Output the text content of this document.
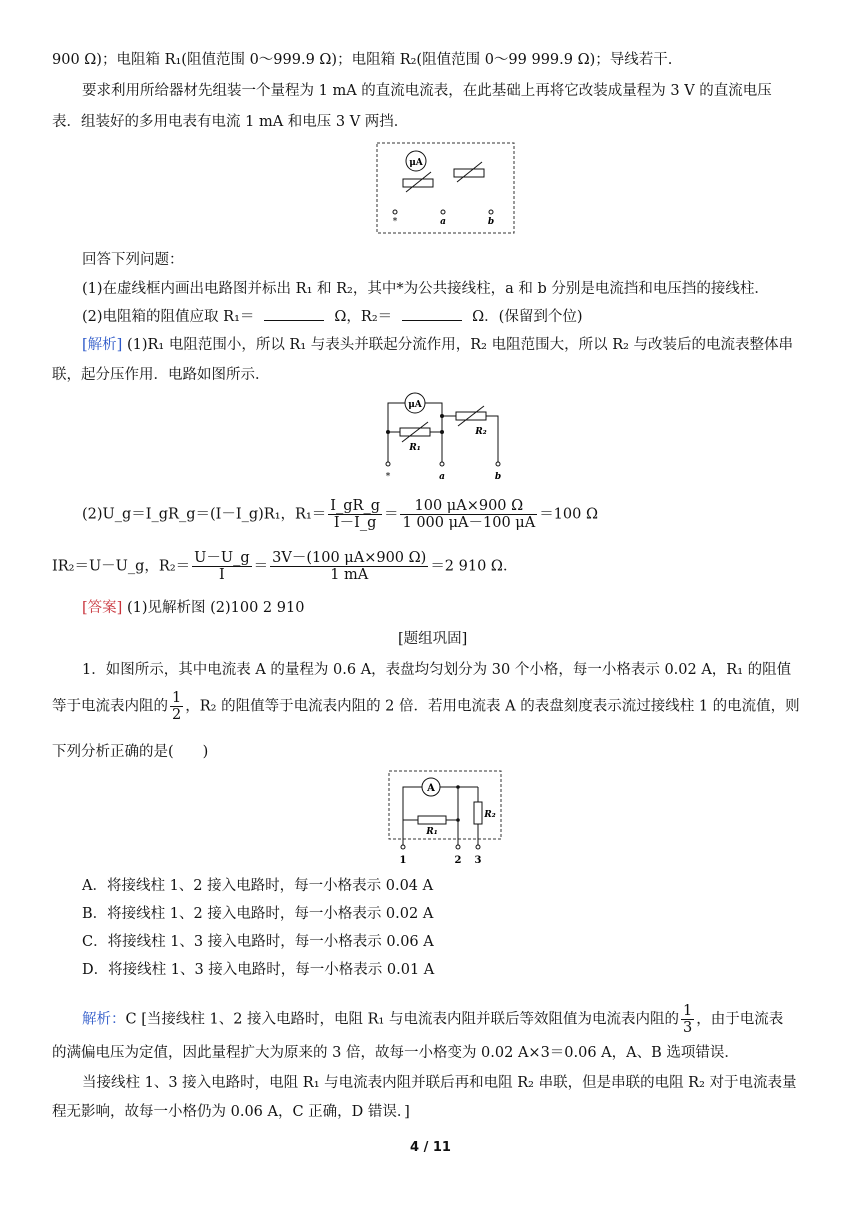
900 Ω)；电阻箱 R₁(阻值范围 0～999.9 Ω)；电阻箱 R₂(阻值范围 0～99 999.9 Ω)；导线若干.
要求利用所给器材先组装一个量程为 1 mA 的直流电流表，在此基础上再将它改装成量程为 3 V 的直流电压
表．组装好的多用电表有电流 1 mA 和电压 3 V 两挡．
μA
*	a	b
回答下列问题：
(1)在虚线框内画出电路图并标出 R₁ 和 R₂，其中*为公共接线柱，a 和 b 分别是电流挡和电压挡的接线柱．
(2)电阻箱的阻值应取 R₁＝	Ω，R₂＝	Ω．(保留到个位)
[解析] (1)R₁ 电阻范围小，所以 R₁ 与表头并联起分流作用，R₂ 电阻范围大，所以 R₂ 与改装后的电流表整体串
联，起分压作用．电路如图所示．
μA
R₁
R₂
*	a	b
(2)U_g＝I_gR_g＝(I－I_g)R₁，$R_1= \frac{I\_gR\_g}{I-I\_g} = \frac{100 \mu A\times 900 \Omega}{1 000 \mu A-100 \mu A} =100$ Ω
IR₂＝U－U_g，$R_2= \frac{U-U\_g}{I} = \frac{3V-(100 \mu A\times 900 \Omega)}{1 mA} =2$ 910 Ω．
[答案] (1)见解析图 (2)100 2 910
[题组巩固]
1．如图所示，其中电流表 A 的量程为 0.6 A，表盘均匀划分为 30 个小格，每一小格表示 0.02 A，R₁ 的阻值
等于电流表内阻的 $\frac{1}{2}$ ，R₂ 的阻值等于电流表内阻的 2 倍．若用电流表 A 的表盘刻度表示流过接线柱 1 的电流值，则
下列分析正确的是(　　)
A
R₂
R₁
1	2 3
A．将接线柱 1、2 接入电路时，每一小格表示 0.04 A
B．将接线柱 1、2 接入电路时，每一小格表示 0.02 A
C．将接线柱 1、3 接入电路时，每一小格表示 0.06 A
D．将接线柱 1、3 接入电路时，每一小格表示 0.01 A
解析：C [当接线柱 1、2 接入电路时，电阻 R₁ 与电流表内阻并联后等效阻值为电流表内阻的 $\frac{1}{3}$ ，由于电流表
的满偏电压为定值，因此量程扩大为原来的 3 倍，故每一小格变为 0.02 A×3＝0.06 A，A、B 选项错误．
当接线柱 1、3 接入电路时，电阻 R₁ 与电流表内阻并联后再和电阻 R₂ 串联，但是串联的电阻 R₂ 对于电流表量
程无影响，故每一小格仍为 0.06 A，C 正确，D 错误．]
4 / 11
